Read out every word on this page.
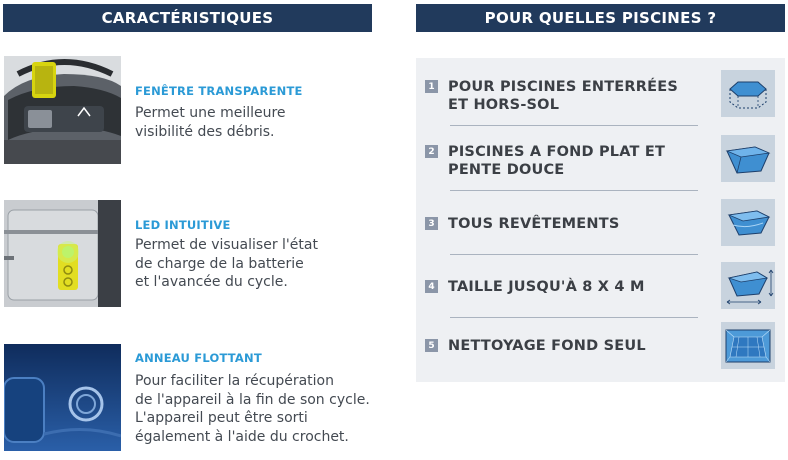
CARACTÉRISTIQUES	POUR QUELLES PISCINES ?
FENÊTRE TRANSPARENTE
Permet une meilleure
visibilité des débris.
LED INTUITIVE
Permet de visualiser l'état
de charge de la batterie
et l'avancée du cycle.
ANNEAU FLOTTANT
Pour faciliter la récupération
de l'appareil à la fin de son cycle.
L'appareil peut être sorti
également à l'aide du crochet.
1 POUR PISCINES ENTERRÉES
ET HORS-SOL
2 PISCINES A FOND PLAT ET
PENTE DOUCE
3 TOUS REVÊTEMENTS
4 TAILLE JUSQU'À 8 X 4 M
5 NETTOYAGE FOND SEUL
